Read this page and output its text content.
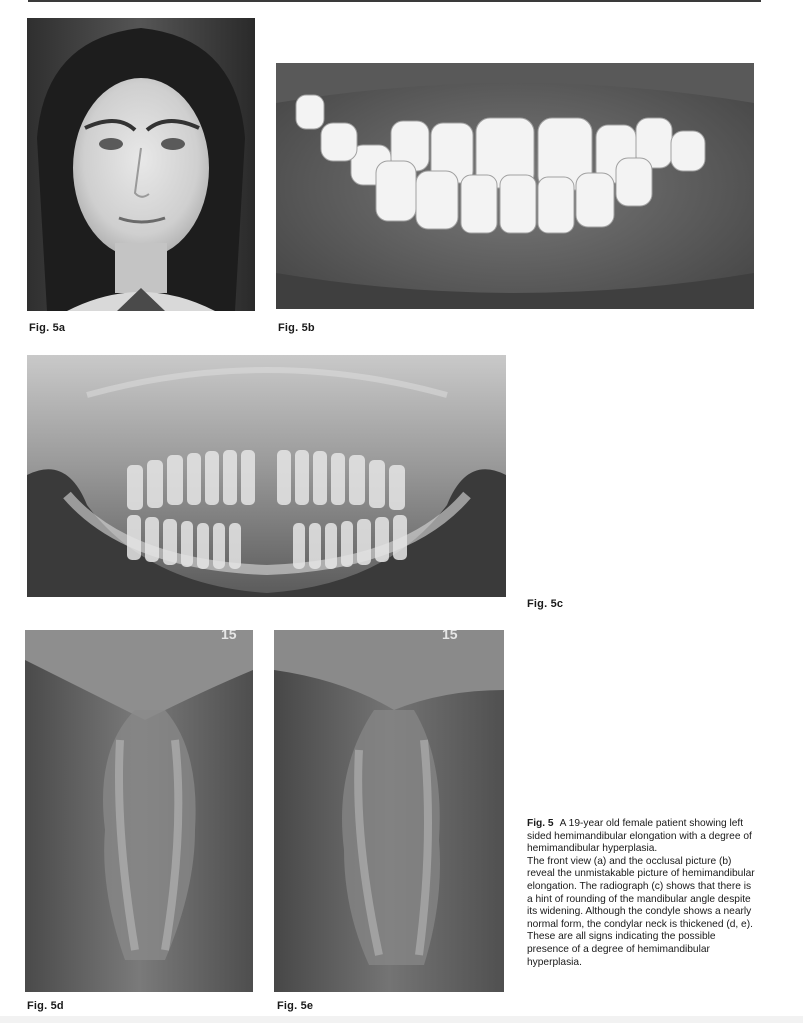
Fig. 5a	Fig. 5b
Fig. 5c
15
Fig. 5d
15
Fig. 5e

Fig. 5 A 19-year old female patient showing left sided hemimandibular elongation with a degree of hemimandibular hyperplasia.

The front view (a) and the occlusal picture (b) reveal the unmistakable picture of hemimandibular elongation. The radiograph (c) shows that there is a hint of rounding of the mandibular angle despite its widening. Although the condyle shows a nearly normal form, the condylar neck is thickened (d, e). These are all signs indicating the possible presence of a degree of hemimandibular hyperplasia.
